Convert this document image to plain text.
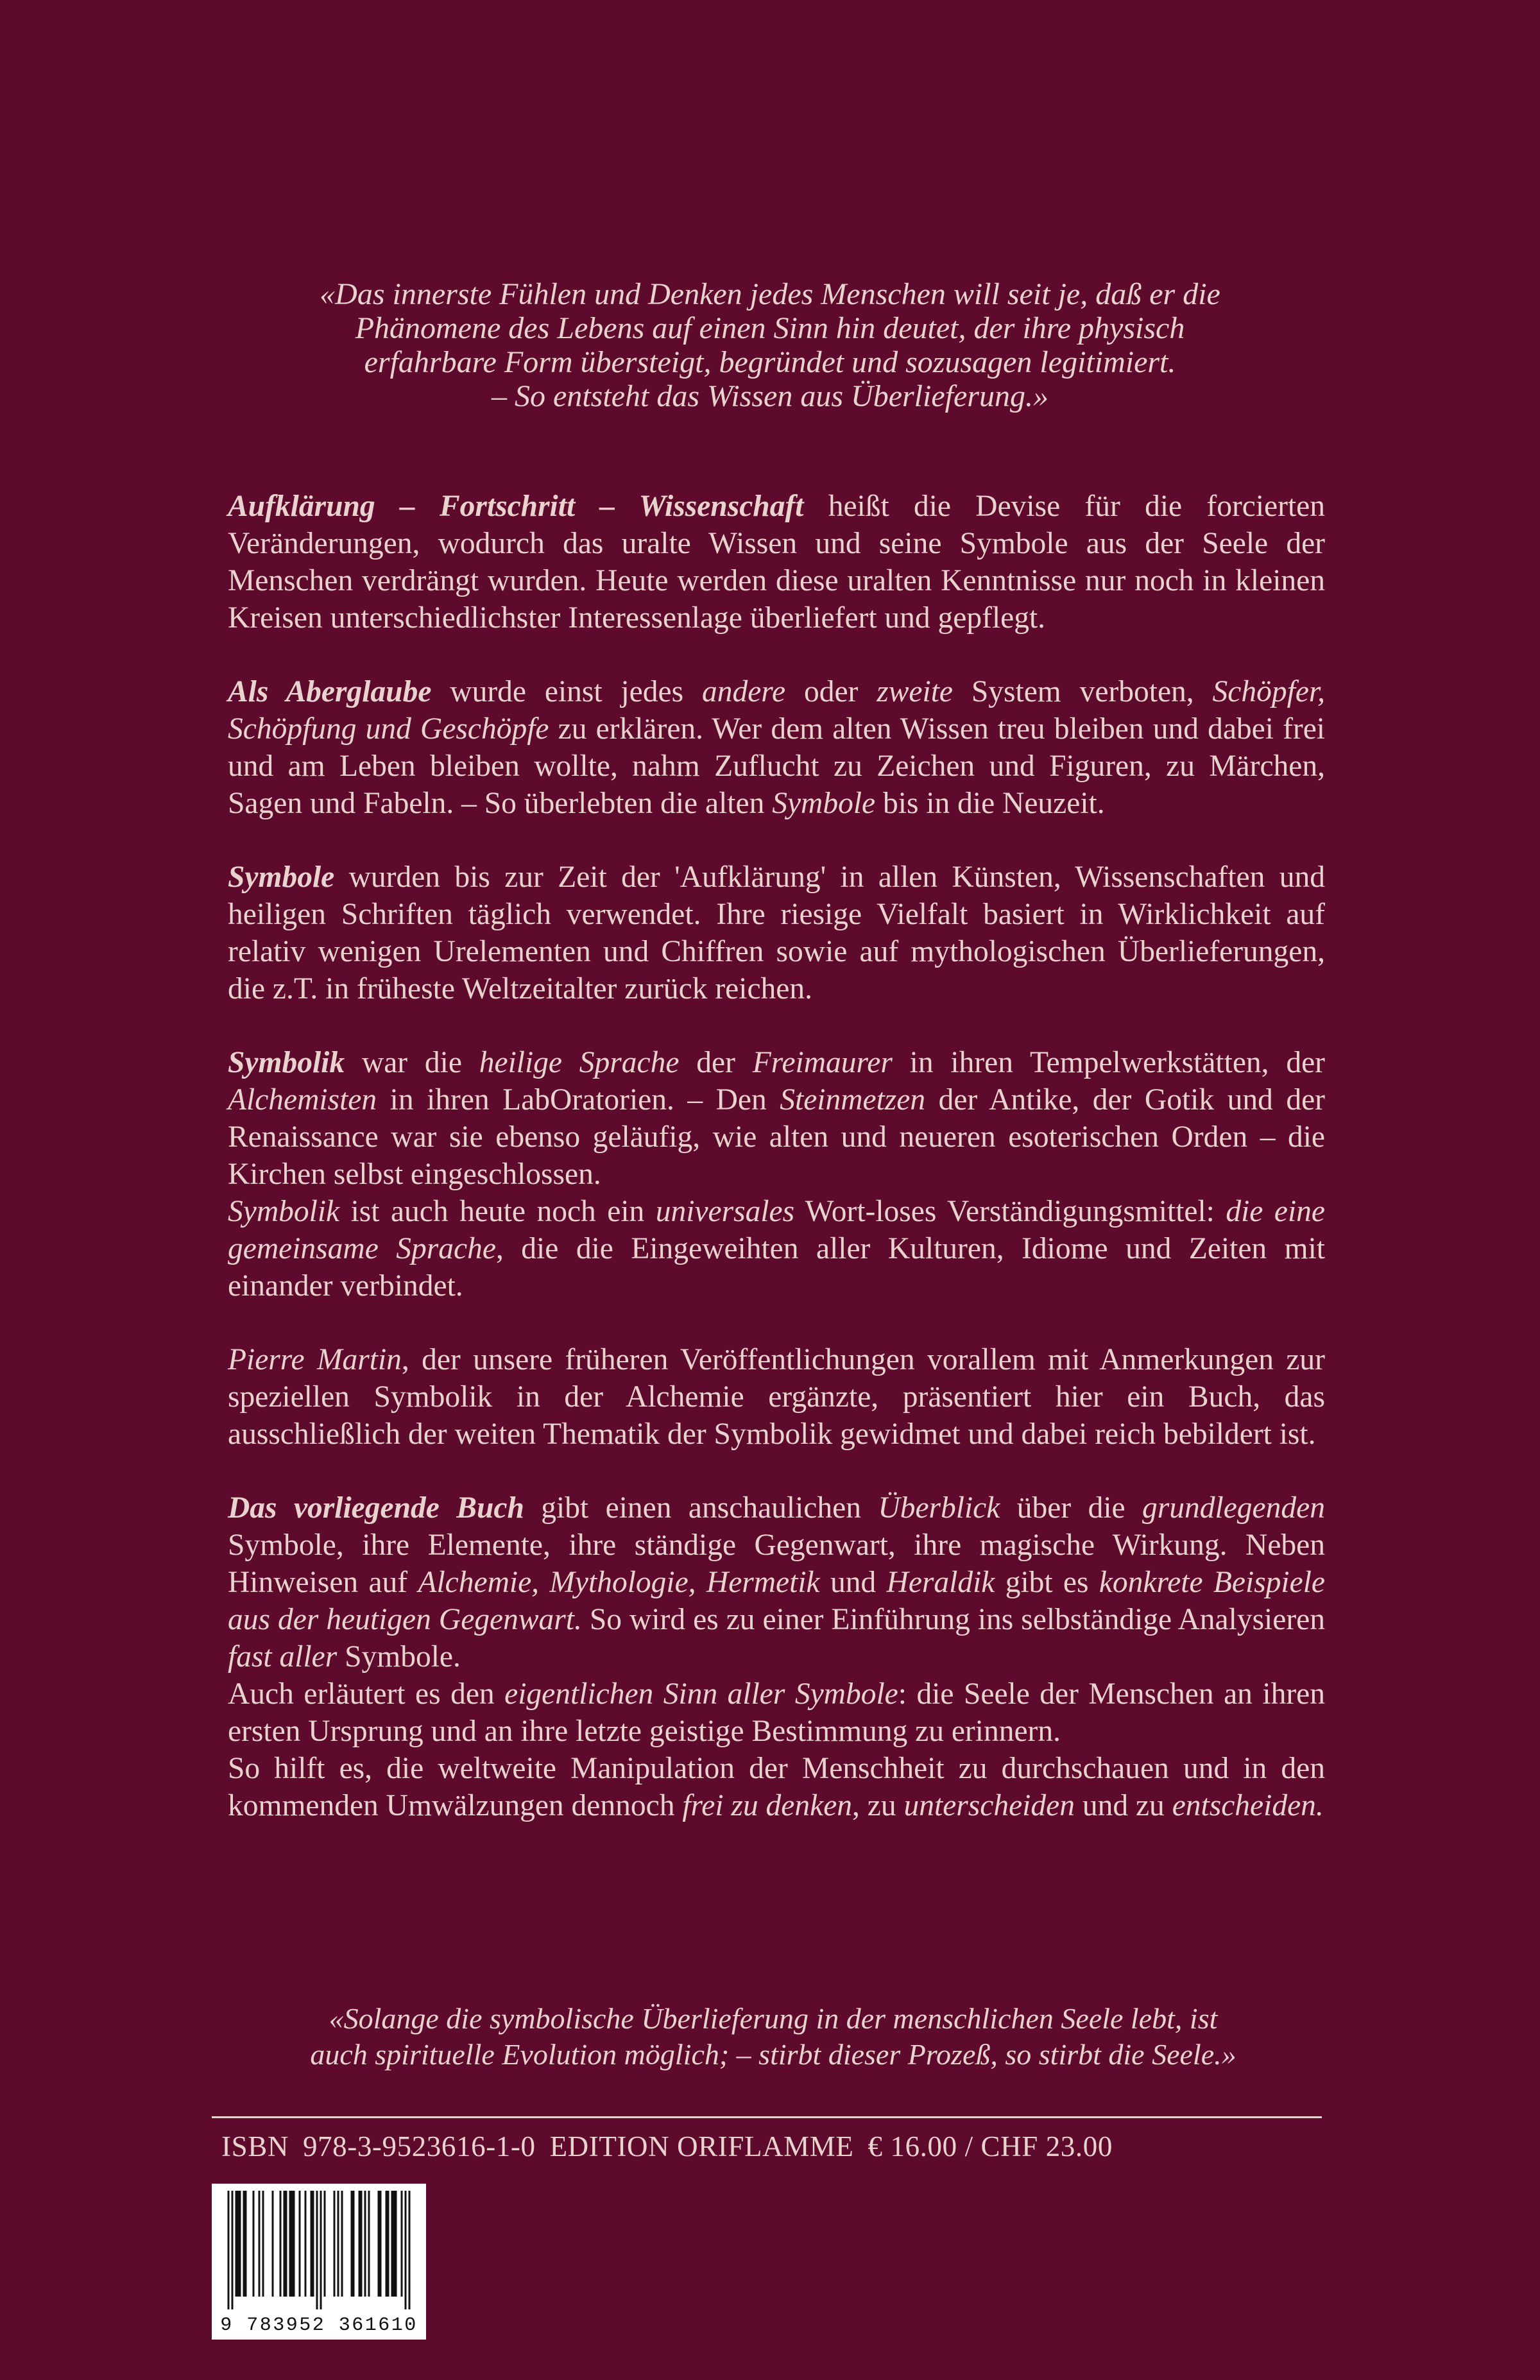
«Das innerste Fühlen und Denken jedes Menschen will seit je, daß er die
Phänomene des Lebens auf einen Sinn hin deutet, der ihre physisch
erfahrbare Form übersteigt, begründet und sozusagen legitimiert.
– So entsteht das Wissen aus Überlieferung.»

Aufklärung – Fortschritt – Wissenschaft heißt die Devise für die forcierten Veränderungen, wodurch das uralte Wissen und seine Symbole aus der Seele der Menschen verdrängt wurden. Heute werden diese uralten Kenntnisse nur noch in kleinen Kreisen unterschiedlichster Interessenlage überliefert und gepflegt.

Als Aberglaube wurde einst jedes andere oder zweite System verboten, Schöpfer, Schöpfung und Geschöpfe zu erklären. Wer dem alten Wissen treu bleiben und dabei frei und am Leben bleiben wollte, nahm Zuflucht zu Zeichen und Figuren, zu Märchen, Sagen und Fabeln. – So überlebten die alten Symbole bis in die Neuzeit.

Symbole wurden bis zur Zeit der 'Aufklärung' in allen Künsten, Wissenschaften und heiligen Schriften täglich verwendet. Ihre riesige Vielfalt basiert in Wirklichkeit auf relativ wenigen Urelementen und Chiffren sowie auf mythologischen Überlieferungen, die z.T. in früheste Weltzeitalter zurück reichen.

Symbolik war die heilige Sprache der Freimaurer in ihren Tempelwerkstätten, der Alchemisten in ihren LabOratorien. – Den Steinmetzen der Antike, der Gotik und der Renaissance war sie ebenso geläufig, wie alten und neueren esoterischen Orden – die Kirchen selbst eingeschlossen.

Symbolik ist auch heute noch ein universales Wort-loses Verständigungsmittel: die eine gemeinsame Sprache, die die Eingeweihten aller Kulturen, Idiome und Zeiten mit einander verbindet.

Pierre Martin, der unsere früheren Veröffentlichungen vorallem mit Anmerkungen zur speziellen Symbolik in der Alchemie ergänzte, präsentiert hier ein Buch, das ausschließlich der weiten Thematik der Symbolik gewidmet und dabei reich bebildert ist.

Das vorliegende Buch gibt einen anschaulichen Überblick über die grundlegenden Symbole, ihre Elemente, ihre ständige Gegenwart, ihre magische Wirkung. Neben Hinweisen auf Alchemie, Mythologie, Hermetik und Heraldik gibt es konkrete Beispiele aus der heutigen Gegenwart. So wird es zu einer Einführung ins selbständige Analysieren fast aller Symbole.

Auch erläutert es den eigentlichen Sinn aller Symbole: die Seele der Menschen an ihren ersten Ursprung und an ihre letzte geistige Bestimmung zu erinnern.

So hilft es, die weltweite Manipulation der Menschheit zu durchschauen und in den kommenden Umwälzungen dennoch frei zu denken, zu unterscheiden und zu entscheiden.

«Solange die symbolische Überlieferung in der menschlichen Seele lebt, ist
auch spirituelle Evolution möglich; – stirbt dieser Prozeß, so stirbt die Seele.»
ISBN 978-3-9523616-1-0 EDITION ORIFLAMME € 16.00 / CHF 23.00
9 783952 361610
